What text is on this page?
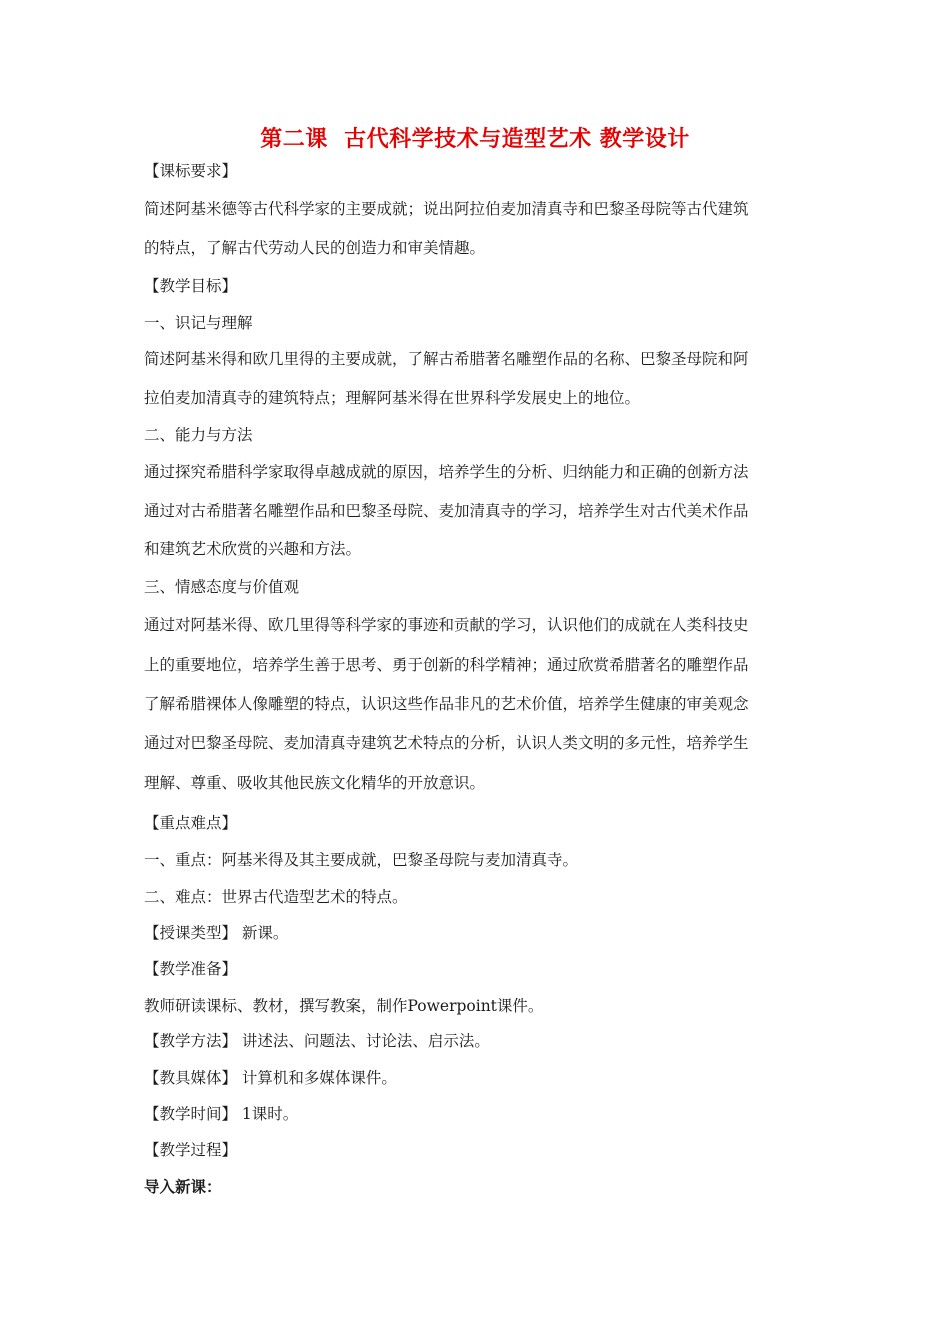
第二课  古代科学技术与造型艺术 教学设计
【课标要求】
简述阿基米德等古代科学家的主要成就；说出阿拉伯麦加清真寺和巴黎圣母院等古代建筑
的特点，了解古代劳动人民的创造力和审美情趣。
【教学目标】
一、识记与理解
简述阿基米得和欧几里得的主要成就，了解古希腊著名雕塑作品的名称、巴黎圣母院和阿
拉伯麦加清真寺的建筑特点；理解阿基米得在世界科学发展史上的地位。
二、能力与方法
通过探究希腊科学家取得卓越成就的原因，培养学生的分析、归纳能力和正确的创新方法
通过对古希腊著名雕塑作品和巴黎圣母院、麦加清真寺的学习，培养学生对古代美术作品
和建筑艺术欣赏的兴趣和方法。
三、情感态度与价值观
通过对阿基米得、欧几里得等科学家的事迹和贡献的学习，认识他们的成就在人类科技史
上的重要地位，培养学生善于思考、勇于创新的科学精神；通过欣赏希腊著名的雕塑作品
了解希腊裸体人像雕塑的特点，认识这些作品非凡的艺术价值，培养学生健康的审美观念
通过对巴黎圣母院、麦加清真寺建筑艺术特点的分析，认识人类文明的多元性，培养学生
理解、尊重、吸收其他民族文化精华的开放意识。
【重点难点】
一、重点：阿基米得及其主要成就，巴黎圣母院与麦加清真寺。
二、难点：世界古代造型艺术的特点。
【授课类型】 新课。
【教学准备】
教师研读课标、教材，撰写教案，制作Powerpoint课件。
【教学方法】 讲述法、问题法、讨论法、启示法。
【教具媒体】 计算机和多媒体课件。
【教学时间】 1课时。
【教学过程】
导入新课：
